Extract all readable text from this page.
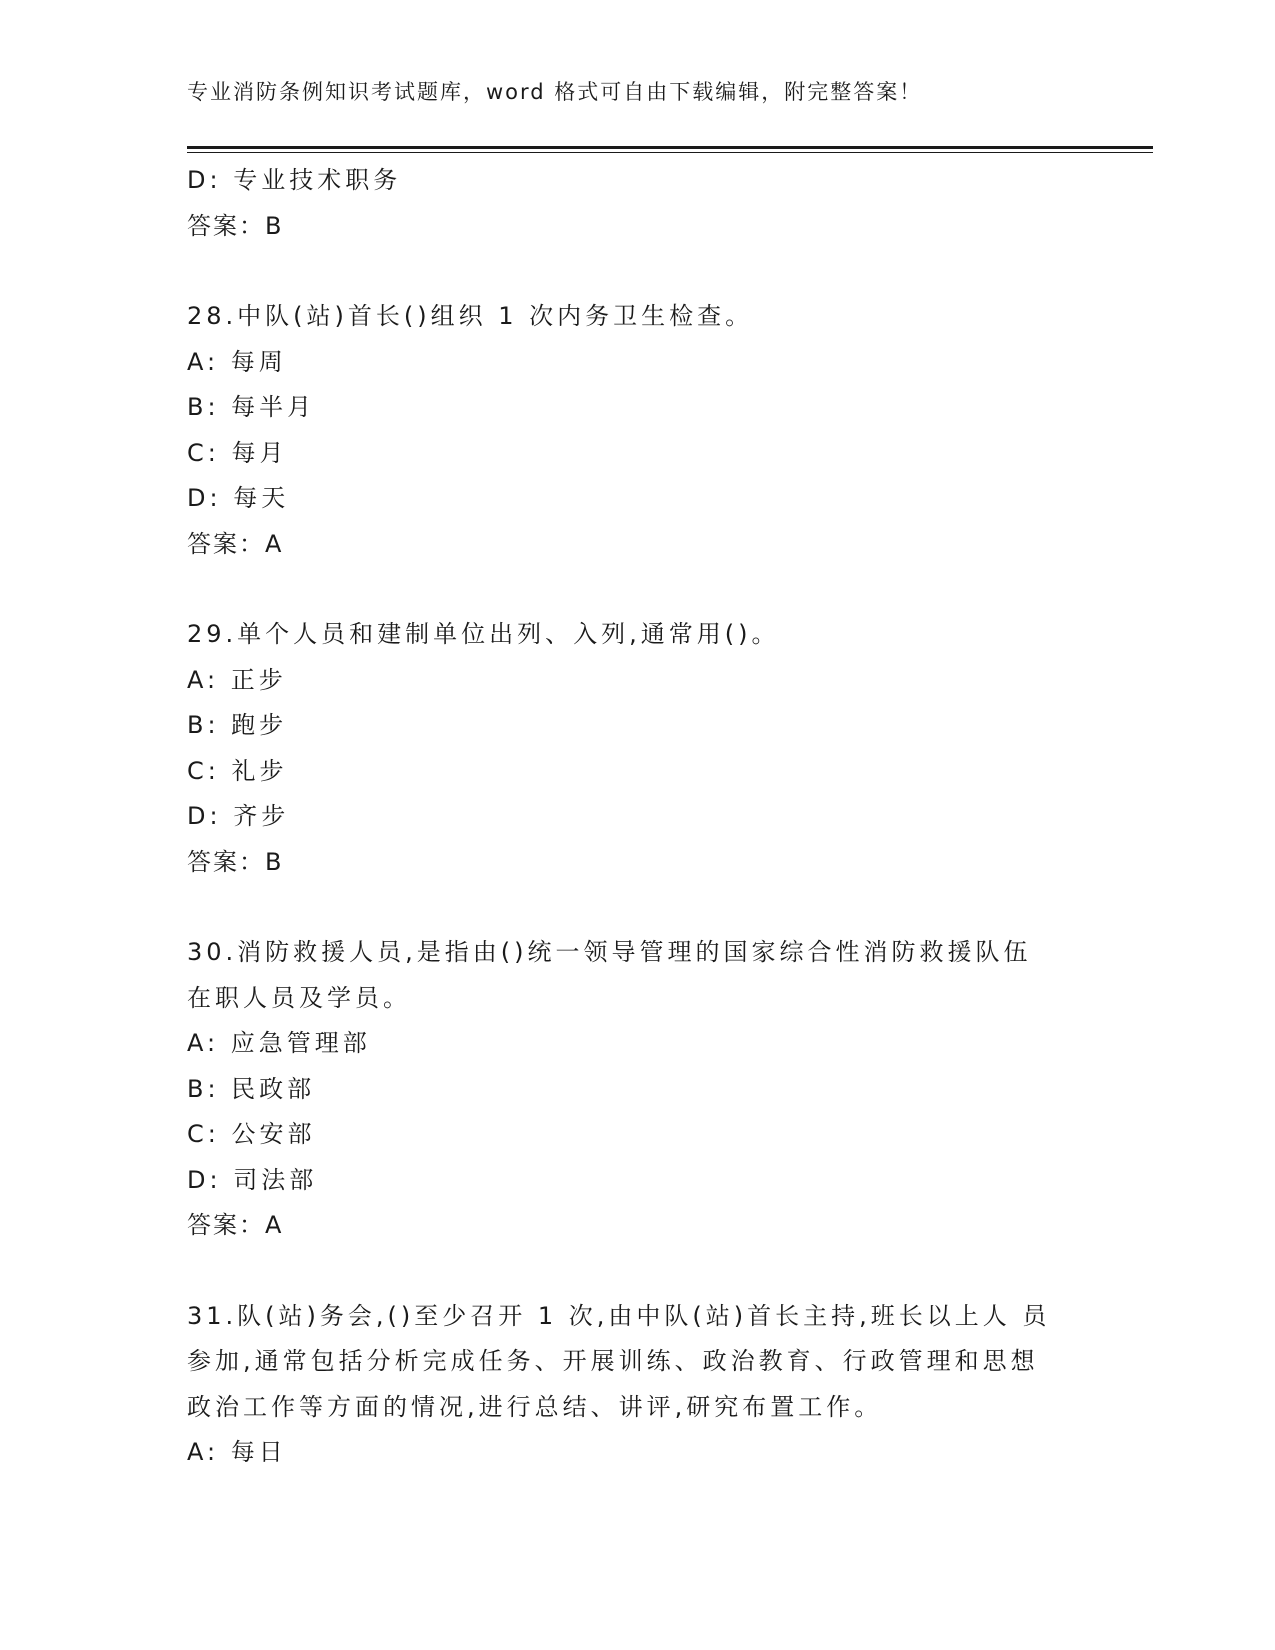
专业消防条例知识考试题库，word 格式可自由下载编辑，附完整答案！
D: 专业技术职务
答案：B
28.中队(站)首长()组织 1 次内务卫生检查。
A: 每周
B: 每半月
C: 每月
D: 每天
答案：A
29.单个人员和建制单位出列、入列,通常用()。
A: 正步
B: 跑步
C: 礼步
D: 齐步
答案：B
30.消防救援人员,是指由()统一领导管理的国家综合性消防救援队伍
在职人员及学员。
A: 应急管理部
B: 民政部
C: 公安部
D: 司法部
答案：A
31.队(站)务会,()至少召开 1 次,由中队(站)首长主持,班长以上人 员
参加,通常包括分析完成任务、开展训练、政治教育、行政管理和思想
政治工作等方面的情况,进行总结、讲评,研究布置工作。
A: 每日
